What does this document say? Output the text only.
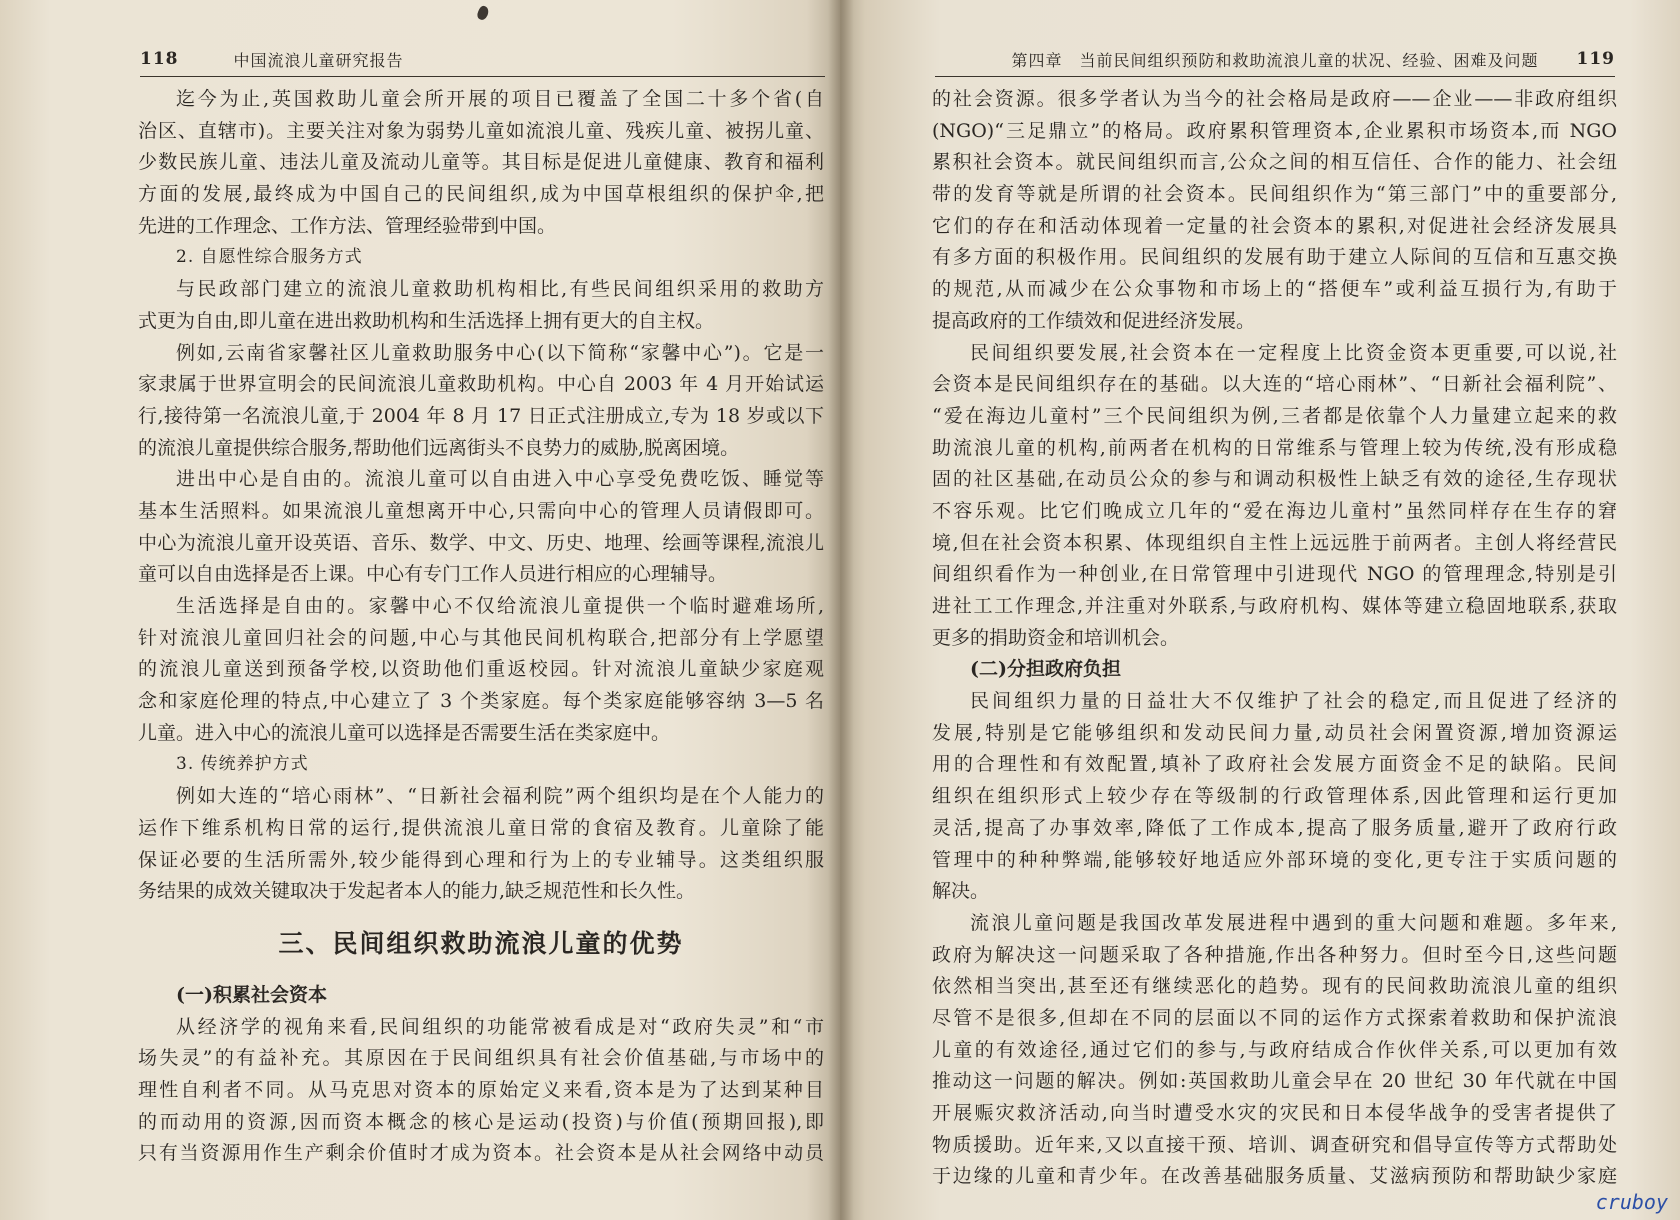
118	中国流浪儿童研究报告
迄今为止,英国救助儿童会所开展的项目已覆盖了全国二十多个省(自
治区、直辖市)。主要关注对象为弱势儿童如流浪儿童、残疾儿童、被拐儿童、
少数民族儿童、违法儿童及流动儿童等。其目标是促进儿童健康、教育和福利
方面的发展,最终成为中国自己的民间组织,成为中国草根组织的保护伞,把
先进的工作理念、工作方法、管理经验带到中国。
2. 自愿性综合服务方式
与民政部门建立的流浪儿童救助机构相比,有些民间组织采用的救助方
式更为自由,即儿童在进出救助机构和生活选择上拥有更大的自主权。
例如,云南省家馨社区儿童救助服务中心(以下简称“家馨中心”)。它是一
家隶属于世界宣明会的民间流浪儿童救助机构。中心自 2003 年 4 月开始试运
行,接待第一名流浪儿童,于 2004 年 8 月 17 日正式注册成立,专为 18 岁或以下
的流浪儿童提供综合服务,帮助他们远离街头不良势力的威胁,脱离困境。
进出中心是自由的。流浪儿童可以自由进入中心享受免费吃饭、睡觉等
基本生活照料。如果流浪儿童想离开中心,只需向中心的管理人员请假即可。
中心为流浪儿童开设英语、音乐、数学、中文、历史、地理、绘画等课程,流浪儿
童可以自由选择是否上课。中心有专门工作人员进行相应的心理辅导。
生活选择是自由的。家馨中心不仅给流浪儿童提供一个临时避难场所,
针对流浪儿童回归社会的问题,中心与其他民间机构联合,把部分有上学愿望
的流浪儿童送到预备学校,以资助他们重返校园。针对流浪儿童缺少家庭观
念和家庭伦理的特点,中心建立了 3 个类家庭。每个类家庭能够容纳 3—5 名
儿童。进入中心的流浪儿童可以选择是否需要生活在类家庭中。
3. 传统养护方式
例如大连的“培心雨林”、“日新社会福利院”两个组织均是在个人能力的
运作下维系机构日常的运行,提供流浪儿童日常的食宿及教育。儿童除了能
保证必要的生活所需外,较少能得到心理和行为上的专业辅导。这类组织服
务结果的成效关键取决于发起者本人的能力,缺乏规范性和长久性。
三、民间组织救助流浪儿童的优势
(一)积累社会资本
从经济学的视角来看,民间组织的功能常被看成是对“政府失灵”和“市
场失灵”的有益补充。其原因在于民间组织具有社会价值基础,与市场中的
理性自利者不同。从马克思对资本的原始定义来看,资本是为了达到某种目
的而动用的资源,因而资本概念的核心是运动(投资)与价值(预期回报),即
只有当资源用作生产剩余价值时才成为资本。社会资本是从社会网络中动员
第四章　当前民间组织预防和救助流浪儿童的状况、经验、困难及问题 119
的社会资源。很多学者认为当今的社会格局是政府——企业——非政府组织
(NGO)“三足鼎立”的格局。政府累积管理资本,企业累积市场资本,而 NGO
累积社会资本。就民间组织而言,公众之间的相互信任、合作的能力、社会纽
带的发育等就是所谓的社会资本。民间组织作为“第三部门”中的重要部分,
它们的存在和活动体现着一定量的社会资本的累积,对促进社会经济发展具
有多方面的积极作用。民间组织的发展有助于建立人际间的互信和互惠交换
的规范,从而减少在公众事物和市场上的“搭便车”或利益互损行为,有助于
提高政府的工作绩效和促进经济发展。
民间组织要发展,社会资本在一定程度上比资金资本更重要,可以说,社
会资本是民间组织存在的基础。以大连的“培心雨林”、“日新社会福利院”、
“爱在海边儿童村”三个民间组织为例,三者都是依靠个人力量建立起来的救
助流浪儿童的机构,前两者在机构的日常维系与管理上较为传统,没有形成稳
固的社区基础,在动员公众的参与和调动积极性上缺乏有效的途径,生存现状
不容乐观。比它们晚成立几年的“爱在海边儿童村”虽然同样存在生存的窘
境,但在社会资本积累、体现组织自主性上远远胜于前两者。主创人将经营民
间组织看作为一种创业,在日常管理中引进现代 NGO 的管理理念,特别是引
进社工工作理念,并注重对外联系,与政府机构、媒体等建立稳固地联系,获取
更多的捐助资金和培训机会。
(二)分担政府负担
民间组织力量的日益壮大不仅维护了社会的稳定,而且促进了经济的
发展,特别是它能够组织和发动民间力量,动员社会闲置资源,增加资源运
用的合理性和有效配置,填补了政府社会发展方面资金不足的缺陷。民间
组织在组织形式上较少存在等级制的行政管理体系,因此管理和运行更加
灵活,提高了办事效率,降低了工作成本,提高了服务质量,避开了政府行政
管理中的种种弊端,能够较好地适应外部环境的变化,更专注于实质问题的
解决。
流浪儿童问题是我国改革发展进程中遇到的重大问题和难题。多年来,
政府为解决这一问题采取了各种措施,作出各种努力。但时至今日,这些问题
依然相当突出,甚至还有继续恶化的趋势。现有的民间救助流浪儿童的组织
尽管不是很多,但却在不同的层面以不同的运作方式探索着救助和保护流浪
儿童的有效途径,通过它们的参与,与政府结成合作伙伴关系,可以更加有效
推动这一问题的解决。例如:英国救助儿童会早在 20 世纪 30 年代就在中国
开展赈灾救济活动,向当时遭受水灾的灾民和日本侵华战争的受害者提供了
物质援助。近年来,又以直接干预、培训、调查研究和倡导宣传等方式帮助处
于边缘的儿童和青少年。在改善基础服务质量、艾滋病预防和帮助缺少家庭
cruboy
